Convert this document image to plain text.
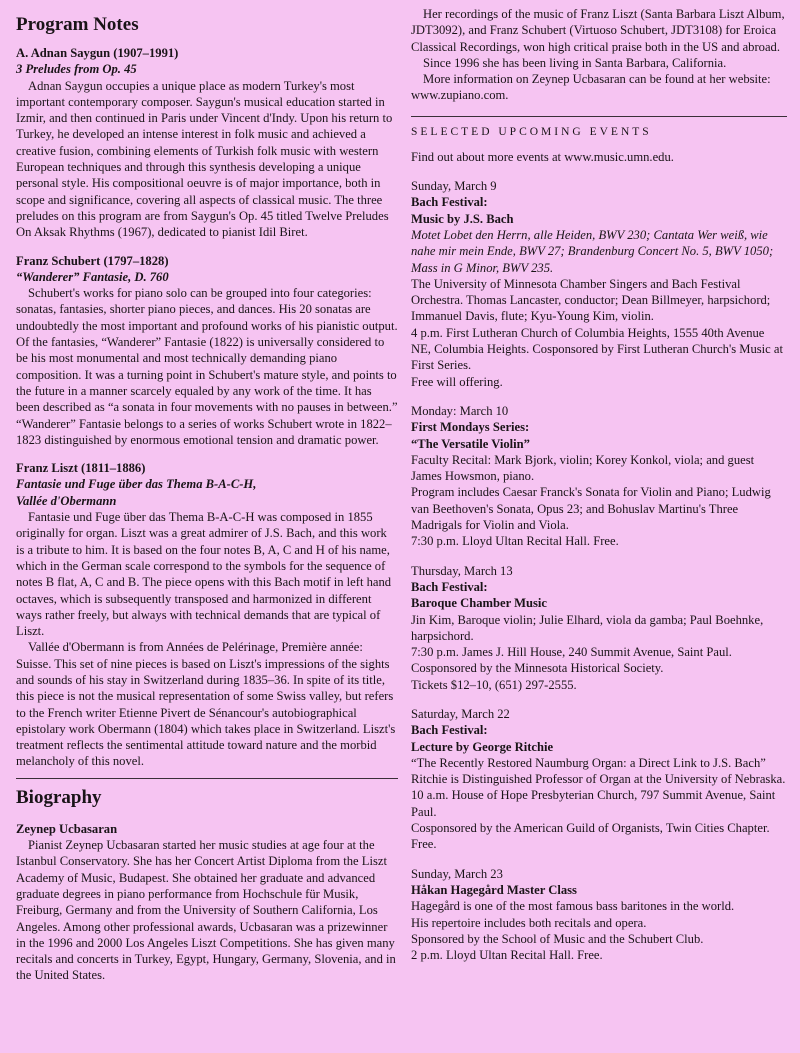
Program Notes
A. Adnan Saygun (1907–1991)
3 Preludes from Op. 45

Adnan Saygun occupies a unique place as modern Turkey's most important contemporary composer. Saygun's musical education started in Izmir, and then continued in Paris under Vincent d'Indy. Upon his return to Turkey, he developed an intense interest in folk music and achieved a creative fusion, combining elements of Turkish folk music with western European techniques and through this synthesis developing a unique personal style. His compositional oeuvre is of major importance, both in scope and significance, covering all aspects of classical music. The three preludes on this program are from Saygun's Op. 45 titled Twelve Preludes On Aksak Rhythms (1967), dedicated to pianist Idil Biret.

Franz Schubert (1797–1828)
“Wanderer” Fantasie, D. 760

Schubert's works for piano solo can be grouped into four categories: sonatas, fantasies, shorter piano pieces, and dances. His 20 sonatas are undoubtedly the most important and profound works of his pianistic output. Of the fantasies, “Wanderer” Fantasie (1822) is universally considered to be his most monumental and most technically demanding piano composition. It was a turning point in Schubert's mature style, and points to the future in a manner scarcely equaled by any work of the time. It has been described as “a sonata in four movements with no pauses in between.” “Wanderer” Fantasie belongs to a series of works Schubert wrote in 1822–1823 distinguished by enormous emotional tension and dramatic power.

Franz Liszt (1811–1886)
Fantasie und Fuge über das Thema B-A-C-H,
Vallée d'Obermann

Fantasie und Fuge über das Thema B-A-C-H was composed in 1855 originally for organ. Liszt was a great admirer of J.S. Bach, and this work is a tribute to him. It is based on the four notes B, A, C and H of his name, which in the German scale correspond to the symbols for the sequence of notes B flat, A, C and B. The piece opens with this Bach motif in left hand octaves, which is subsequently transposed and harmonized in different ways rather freely, but always with technical demands that are typical of Liszt.

Vallée d'Obermann is from Années de Pelérinage, Première année: Suisse. This set of nine pieces is based on Liszt's impressions of the sights and sounds of his stay in Switzerland during 1835–36. In spite of its title, this piece is not the musical representation of some Swiss valley, but refers to the French writer Etienne Pivert de Sénancour's autobiographical epistolary work Obermann (1804) which takes place in Switzerland. Liszt's treatment reflects the sentimental attitude toward nature and the morbid melancholy of this novel.

Biography
Zeynep Ucbasaran

Pianist Zeynep Ucbasaran started her music studies at age four at the Istanbul Conservatory. She has her Concert Artist Diploma from the Liszt Academy of Music, Budapest. She obtained her graduate and advanced graduate degrees in piano performance from Hochschule für Musik, Freiburg, Germany and from the University of Southern California, Los Angeles. Among other professional awards, Ucbasaran was a prizewinner in the 1996 and 2000 Los Angeles Liszt Competitions. She has given many recitals and concerts in Turkey, Egypt, Hungary, Germany, Slovenia, and in the United States.

Her recordings of the music of Franz Liszt (Santa Barbara Liszt Album, JDT3092), and Franz Schubert (Virtuoso Schubert, JDT3108) for Eroica Classical Recordings, won high critical praise both in the US and abroad.

Since 1996 she has been living in Santa Barbara, California.

More information on Zeynep Ucbasaran can be found at her website: www.zupiano.com.

SELECTED UPCOMING EVENTS

Find out about more events at www.music.umn.edu.

Sunday, March 9

Bach Festival:

Music by J.S. Bach

Motet Lobet den Herrn, alle Heiden, BWV 230; Cantata Wer weiß, wie nahe mir mein Ende, BWV 27; Brandenburg Concert No. 5, BWV 1050; Mass in G Minor, BWV 235.

The University of Minnesota Chamber Singers and Bach Festival Orchestra. Thomas Lancaster, conductor; Dean Billmeyer, harpsichord; Immanuel Davis, flute; Kyu-Young Kim, violin.

4 p.m. First Lutheran Church of Columbia Heights, 1555 40th Avenue NE, Columbia Heights. Cosponsored by First Lutheran Church's Music at First Series.

Free will offering.

Monday: March 10

First Mondays Series:

“The Versatile Violin”

Faculty Recital: Mark Bjork, violin; Korey Konkol, viola; and guest James Howsmon, piano.

Program includes Caesar Franck's Sonata for Violin and Piano; Ludwig van Beethoven's Sonata, Opus 23; and Bohuslav Martinu's Three Madrigals for Violin and Viola.

7:30 p.m. Lloyd Ultan Recital Hall. Free.

Thursday, March 13

Bach Festival:

Baroque Chamber Music

Jin Kim, Baroque violin; Julie Elhard, viola da gamba; Paul Boehnke, harpsichord.

7:30 p.m. James J. Hill House, 240 Summit Avenue, Saint Paul. Cosponsored by the Minnesota Historical Society.

Tickets $12–10, (651) 297-2555.

Saturday, March 22

Bach Festival:

Lecture by George Ritchie

“The Recently Restored Naumburg Organ: a Direct Link to J.S. Bach”

Ritchie is Distinguished Professor of Organ at the University of Nebraska.

10 a.m. House of Hope Presbyterian Church, 797 Summit Avenue, Saint Paul.

Cosponsored by the American Guild of Organists, Twin Cities Chapter. Free.

Sunday, March 23

Håkan Hagegård Master Class

Hagegård is one of the most famous bass baritones in the world.

His repertoire includes both recitals and opera.

Sponsored by the School of Music and the Schubert Club.

2 p.m. Lloyd Ultan Recital Hall. Free.
